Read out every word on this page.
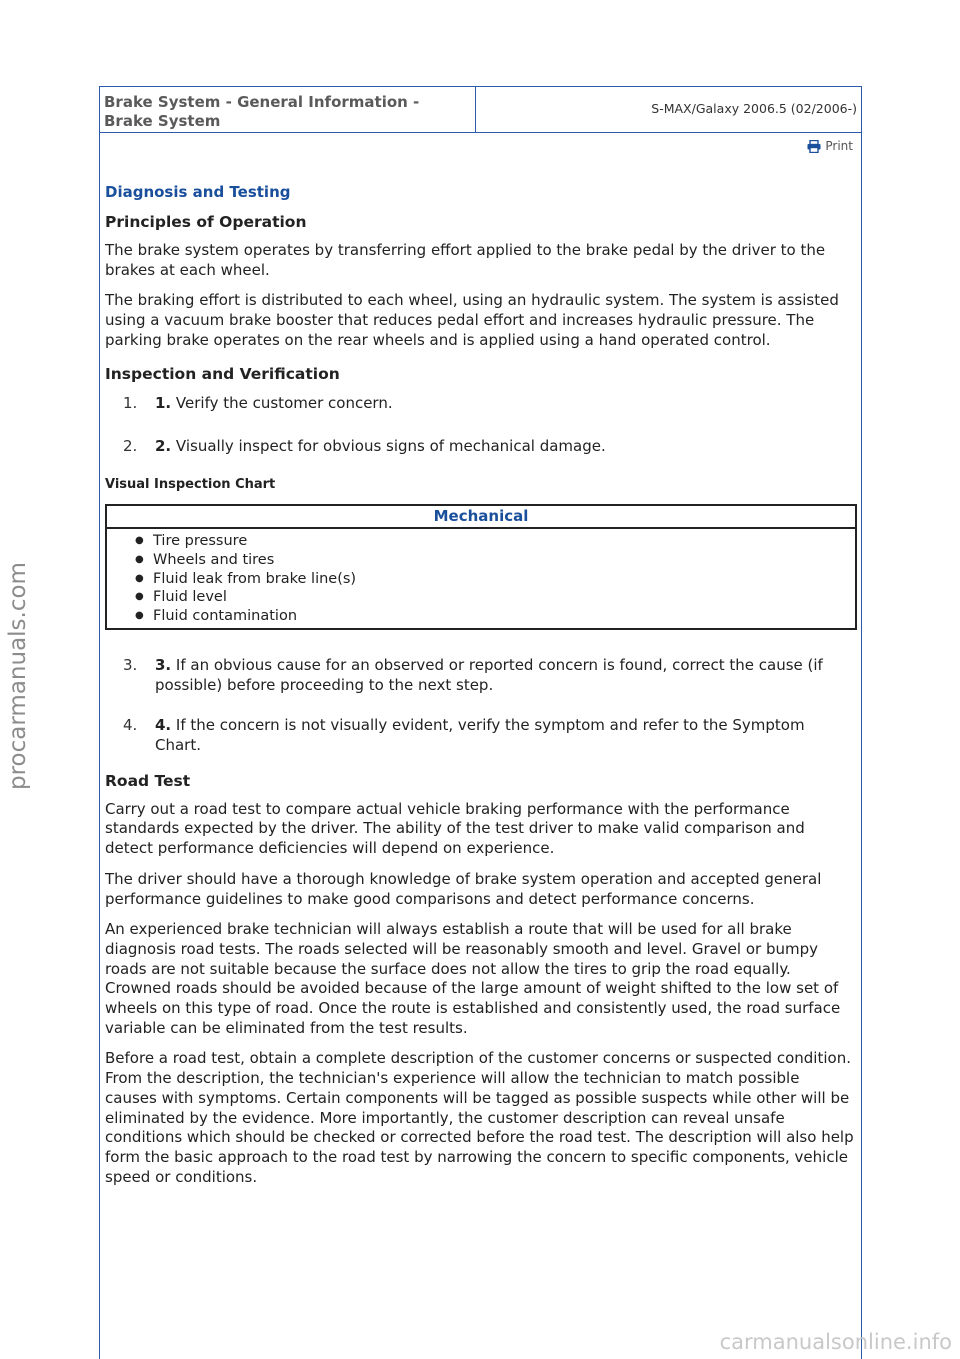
Brake System - General Information -
Brake System
S-MAX/Galaxy 2006.5 (02/2006-)
Print
Diagnosis and Testing
Principles of Operation

The brake system operates by transferring effort applied to the brake pedal by the driver to the brakes at each wheel.

The braking effort is distributed to each wheel, using an hydraulic system. The system is assisted using a vacuum brake booster that reduces pedal effort and increases hydraulic pressure. The parking brake operates on the rear wheels and is applied using a hand operated control.

Inspection and Verification
1.	1. Verify the customer concern.
2.	2. Visually inspect for obvious signs of mechanical damage.
Visual Inspection Chart
Mechanical
● Tire pressure
● Wheels and tires
● Fluid leak from brake line(s)
● Fluid level
● Fluid contamination
3.	3. If an obvious cause for an observed or reported concern is found, correct the cause (if possible) before proceeding to the next step.
4.	4. If the concern is not visually evident, verify the symptom and refer to the Symptom Chart.
Road Test

Carry out a road test to compare actual vehicle braking performance with the performance standards expected by the driver. The ability of the test driver to make valid comparison and detect performance deficiencies will depend on experience.

The driver should have a thorough knowledge of brake system operation and accepted general performance guidelines to make good comparisons and detect performance concerns.

An experienced brake technician will always establish a route that will be used for all brake diagnosis road tests. The roads selected will be reasonably smooth and level. Gravel or bumpy roads are not suitable because the surface does not allow the tires to grip the road equally. Crowned roads should be avoided because of the large amount of weight shifted to the low set of wheels on this type of road. Once the route is established and consistently used, the road surface variable can be eliminated from the test results.

Before a road test, obtain a complete description of the customer concerns or suspected condition. From the description, the technician's experience will allow the technician to match possible causes with symptoms. Certain components will be tagged as possible suspects while other will be eliminated by the evidence. More importantly, the customer description can reveal unsafe conditions which should be checked or corrected before the road test. The description will also help form the basic approach to the road test by narrowing the concern to specific components, vehicle speed or conditions.

procarmanuals.com
carmanualsonline.info
